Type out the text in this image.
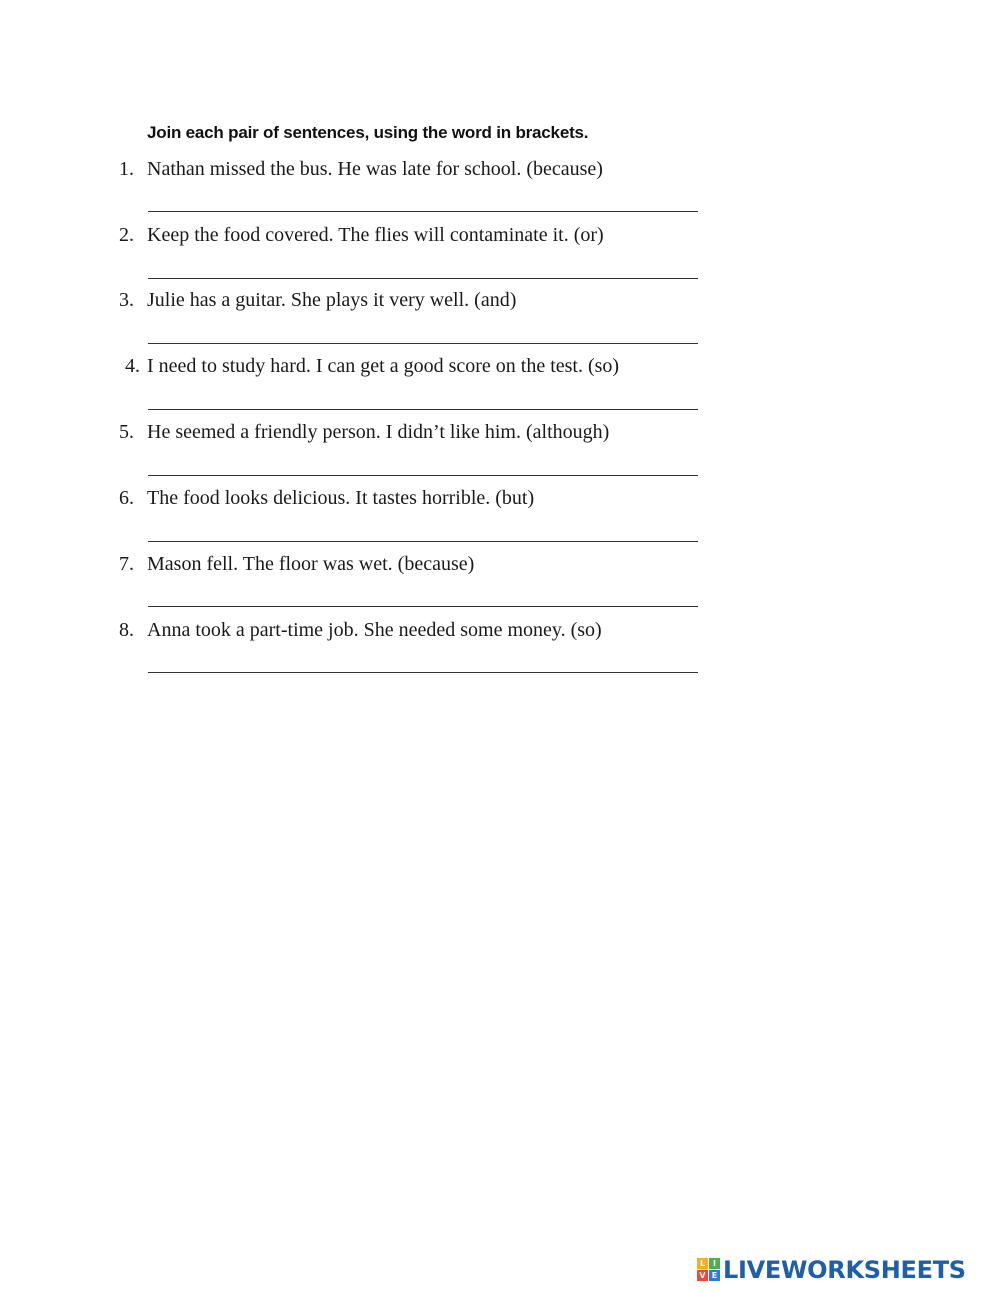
Join each pair of sentences, using the word in brackets.
1. Nathan missed the bus. He was late for school. (because)
2. Keep the food covered. The flies will contaminate it. (or)
3. Julie has a guitar. She plays it very well. (and)
4. I need to study hard. I can get a good score on the test. (so)
5. He seemed a friendly person. I didn’t like him. (although)
6. The food looks delicious. It tastes horrible. (but)
7. Mason fell. The floor was wet. (because)
8. Anna took a part-time job. She needed some money. (so)
L I
V E LIVEWORKSHEETS
